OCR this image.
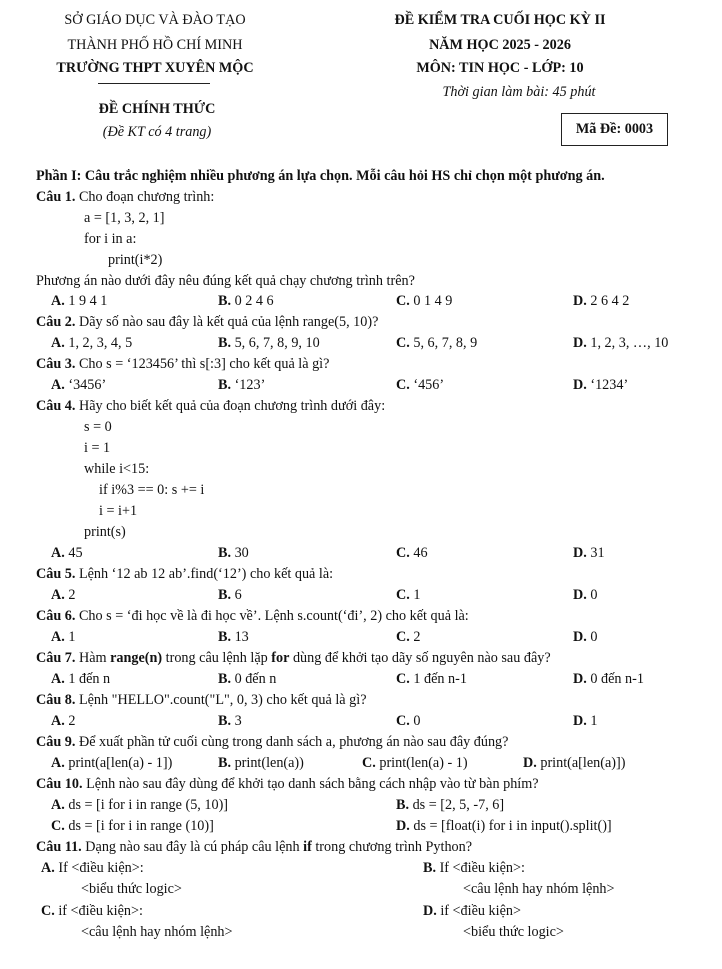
SỞ GIÁO DỤC VÀ ĐÀO TẠO
THÀNH PHỐ HỒ CHÍ MINH
TRƯỜNG THPT XUYÊN MỘC
ĐỀ CHÍNH THỨC
(Đề KT có 4 trang)
ĐỀ KIỂM TRA CUỐI HỌC KỲ II
NĂM HỌC 2025 - 2026
MÔN: TIN HỌC - LỚP: 10
Thời gian làm bài: 45 phút
Mã Đề: 0003
Phần I: Câu trắc nghiệm nhiều phương án lựa chọn. Mỗi câu hỏi HS chỉ chọn một phương án.
Câu 1. Cho đoạn chương trình:
a = [1, 3, 2, 1]
for i in a:
print(i*2)
Phương án nào dưới đây nêu đúng kết quả chạy chương trình trên?
A. 1 9 4 1	B. 0 2 4 6	C. 0 1 4 9	D. 2 6 4 2
Câu 2. Dãy số nào sau đây là kết quả của lệnh range(5, 10)?
A. 1, 2, 3, 4, 5	B. 5, 6, 7, 8, 9, 10	C. 5, 6, 7, 8, 9	D. 1, 2, 3, …, 10
Câu 3. Cho s = ‘123456’ thì s[:3] cho kết quả là gì?
A. ‘3456’	B. ‘123’	C. ‘456’	D. ‘1234’
Câu 4. Hãy cho biết kết quả của đoạn chương trình dưới đây:
s = 0
i = 1
while i<15:
if i%3 == 0: s += i
i = i+1
print(s)
A. 45	B. 30	C. 46	D. 31
Câu 5. Lệnh ‘12 ab 12 ab’.find(‘12’) cho kết quả là:
A. 2	B. 6	C. 1	D. 0
Câu 6. Cho s = ‘đi học về là đi học về’. Lệnh s.count(‘đi’, 2) cho kết quả là:
A. 1	B. 13	C. 2	D. 0
Câu 7. Hàm range(n) trong câu lệnh lặp for dùng để khởi tạo dãy số nguyên nào sau đây?
A. 1 đến n	B. 0 đến n	C. 1 đến n-1	D. 0 đến n-1
Câu 8. Lệnh "HELLO".count("L", 0, 3) cho kết quả là gì?
A. 2	B. 3	C. 0	D. 1
Câu 9. Để xuất phần tử cuối cùng trong danh sách a, phương án nào sau đây đúng?
A. print(a[len(a) - 1])	B. print(len(a))	C. print(len(a) - 1)	D. print(a[len(a)])
Câu 10. Lệnh nào sau đây dùng để khởi tạo danh sách bằng cách nhập vào từ bàn phím?
A. ds = [i for i in range (5, 10)]	B. ds = [2, 5, -7, 6]
C. ds = [i for i in range (10)]	D. ds = [float(i) for i in input().split()]
Câu 11. Dạng nào sau đây là cú pháp câu lệnh if trong chương trình Python?
A. If <điều kiện>:
<biểu thức logic>
B. If <điều kiện>:
<câu lệnh hay nhóm lệnh>
C. if <điều kiện>:
<câu lệnh hay nhóm lệnh>
D. if <điều kiện>
<biểu thức logic>
